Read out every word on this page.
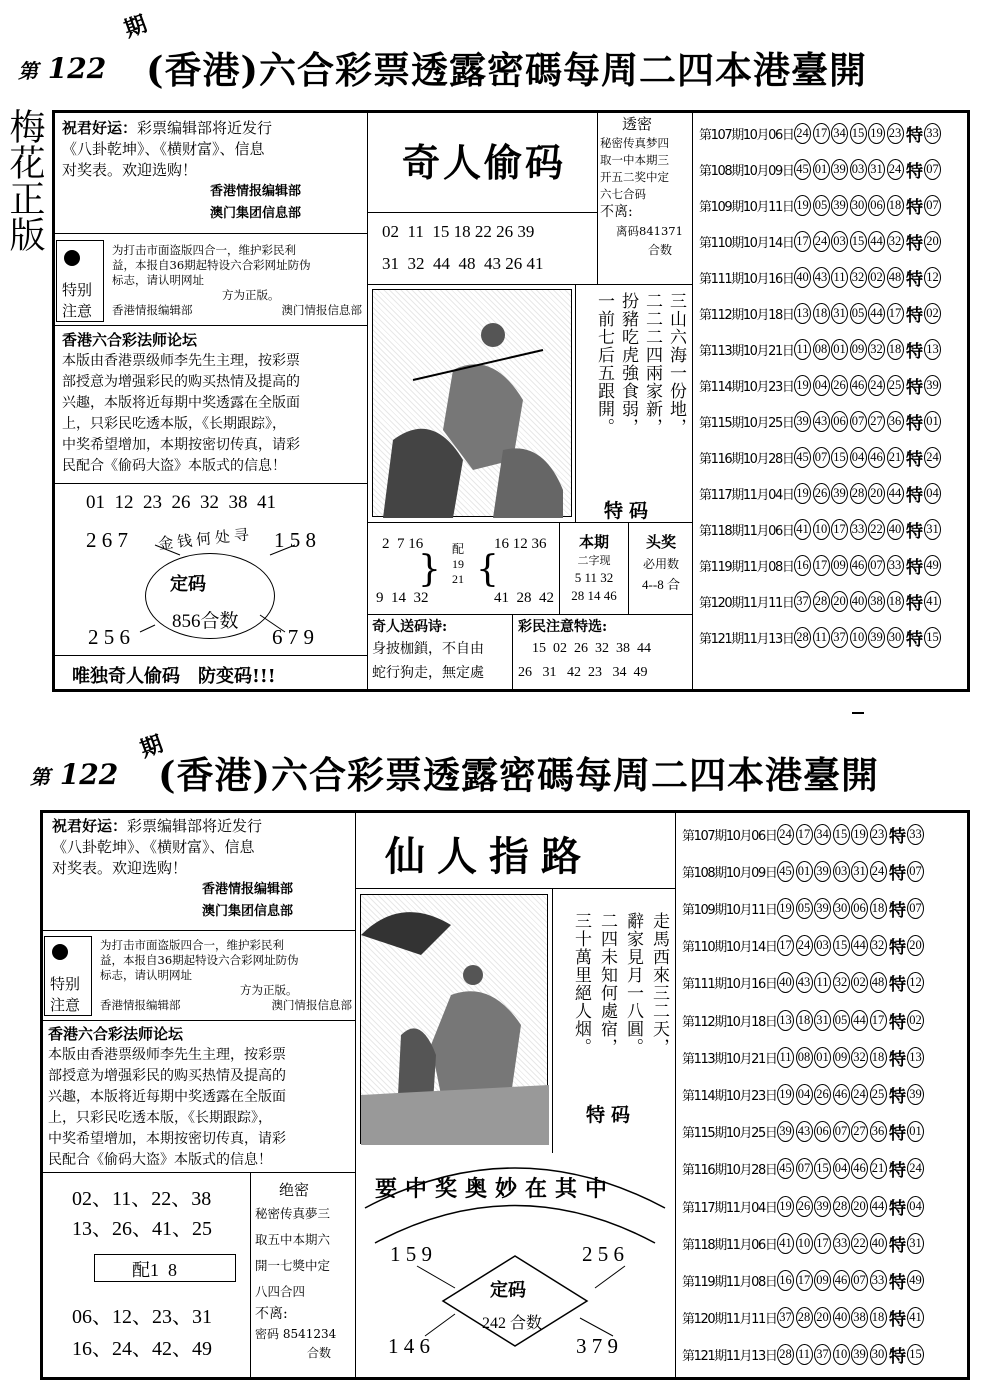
第 122
期
(香港)六合彩票透露密碼每周二四本港臺開
梅花正版 祝君好运：彩票编辑部将近发行
《八卦乾坤》、《横财富》、信息
对奖表。欢迎选购！
香港情报编辑部
澳门集团信息部
特别
注意
为打击市面盗版四合一，维护彩民利
益，本报自36期起特设六合彩网址防伪
标志，请认明网址
方为正版。
香港情报编辑部	澳门情报信息部
香港六合彩法师论坛
本版由香港票级师李先生主理，按彩票
部授意为增强彩民的购买热情及提高的
兴趣，本版将近每期中奖透露在全版面
上，只彩民吃透本版，《长期跟踪》，
中奖希望增加，本期按密切传真，请彩
民配合《偷码大盗》本版式的信息！
01  12  23  26  32  38  41
2 6 7	1 5 8
金钱何处寻
定码
856合数
2 5 6	6 7 9
唯独奇人偷码　防变码!!!
奇人偷码
02  11  15 18 22 26 39
31  32  44  48  43 26 41
透密
秘密传真梦四
取一中本期三
开五二奖中定
六七合码
不离:
离码841371
合数
三山六海一份地，
二二二四兩家新，
扮豬吃虎強食弱，
一前七后五跟開。
特码
2  7 16
9  14  32
} 配
19
21 {
16 12 36
41  28  42
本期
二字现
5 11 32
28 14 46
头奖
必用数
4--8 合
奇人送码诗:
身披枷鎖，不自由
蛇行狗走，無定處
彩民注意特选:
15  02  26  32  38  44
26   31   42  23   34  49
第107期10月06日 24 17 34 15 19 23 特 33
第108期10月09日 45 01 39 03 31 24 特 07
第109期10月11日 19 05 39 30 06 18 特 07
第110期10月14日 17 24 03 15 44 32 特 20
第111期10月16日 40 43 11 32 02 48 特 12
第112期10月18日 13 18 31 05 44 17 特 02
第113期10月21日 11 08 01 09 32 18 特 13
第114期10月23日 19 04 26 46 24 25 特 39
第115期10月25日 39 43 06 07 27 36 特 01
第116期10月28日 45 07 15 04 46 21 特 24
第117期11月04日 19 26 39 28 20 44 特 04
第118期11月06日 41 10 17 33 22 40 特 31
第119期11月08日 16 17 09 46 07 33 特 49
第120期11月11日 37 28 20 40 38 18 特 41
第121期11月13日 28 11 37 10 39 30 特 15
第 122
期
(香港)六合彩票透露密碼每周二四本港臺開
祝君好运：彩票编辑部将近发行
《八卦乾坤》、《横财富》、信息
对奖表。欢迎选购！
香港情报编辑部
澳门集团信息部
特别
注意
为打击市面盗版四合一，维护彩民利
益，本报自36期起特设六合彩网址防伪
标志，请认明网址
方为正版。
香港情报编辑部	澳门情报信息部
香港六合彩法师论坛
本版由香港票级师李先生主理，按彩票
部授意为增强彩民的购买热情及提高的
兴趣，本版将近每期中奖透露在全版面
上，只彩民吃透本版，《长期跟踪》，
中奖希望增加，本期按密切传真，请彩
民配合《偷码大盗》本版式的信息！
02、11、22、38
13、26、41、25
配1  8
06、12、23、31
16、24、42、49
绝密
秘密传真夢三
取五中本期六
開一七獎中定
八四合四
不离:
密码 8541234
合数
仙人指路
走馬西來三二天，
辭家見月一八圓。
二四未知何處宿，
三十萬里絕人烟。
特码
要中奖奥妙在其中
1 5 9	2 5 6
定码
242 合数
1 4 6	3 7 9
第107期10月06日 24 17 34 15 19 23 特 33
第108期10月09日 45 01 39 03 31 24 特 07
第109期10月11日 19 05 39 30 06 18 特 07
第110期10月14日 17 24 03 15 44 32 特 20
第111期10月16日 40 43 11 32 02 48 特 12
第112期10月18日 13 18 31 05 44 17 特 02
第113期10月21日 11 08 01 09 32 18 特 13
第114期10月23日 19 04 26 46 24 25 特 39
第115期10月25日 39 43 06 07 27 36 特 01
第116期10月28日 45 07 15 04 46 21 特 24
第117期11月04日 19 26 39 28 20 44 特 04
第118期11月06日 41 10 17 33 22 40 特 31
第119期11月08日 16 17 09 46 07 33 特 49
第120期11月11日 37 28 20 40 38 18 特 41
第121期11月13日 28 11 37 10 39 30 特 15
